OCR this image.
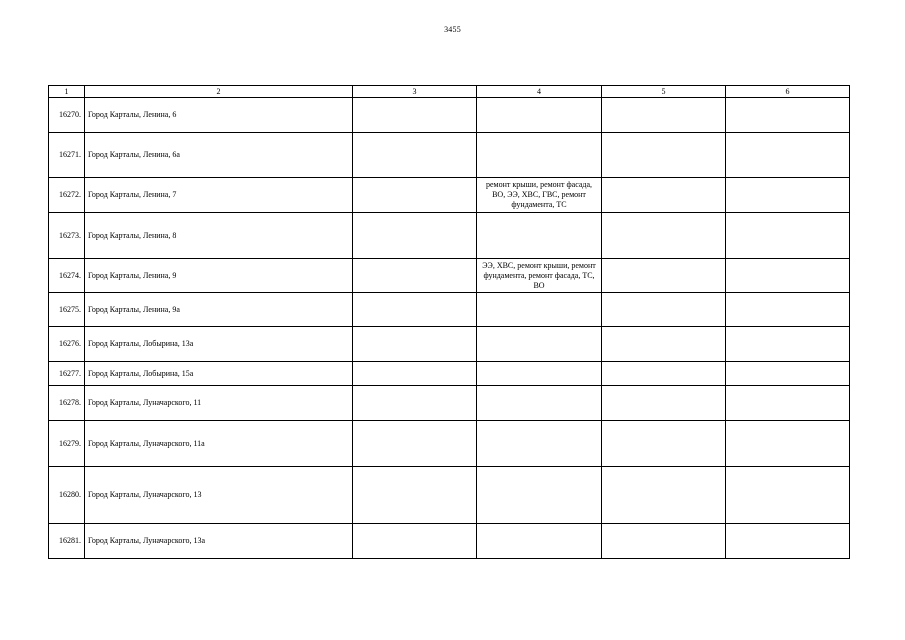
3455
1	2	3	4	5	6
16270.	Город Карталы, Ленина, 6				
16271.	Город Карталы, Ленина, 6а				
16272.	Город Карталы, Ленина, 7		ремонт крыши, ремонт фасада, ВО, ЭЭ, ХВС, ГВС, ремонт фундамента, ТС		
16273.	Город Карталы, Ленина, 8				
16274.	Город Карталы, Ленина, 9		ЭЭ, ХВС, ремонт крыши, ремонт фундамента, ремонт фасада, ТС, ВО		
16275.	Город Карталы, Ленина, 9а				
16276.	Город Карталы, Лобырина, 13а				
16277.	Город Карталы, Лобырина, 15а				
16278.	Город Карталы, Луначарского, 11				
16279.	Город Карталы, Луначарского, 11а				
16280.	Город Карталы, Луначарского, 13				
16281.	Город Карталы, Луначарского, 13а				
